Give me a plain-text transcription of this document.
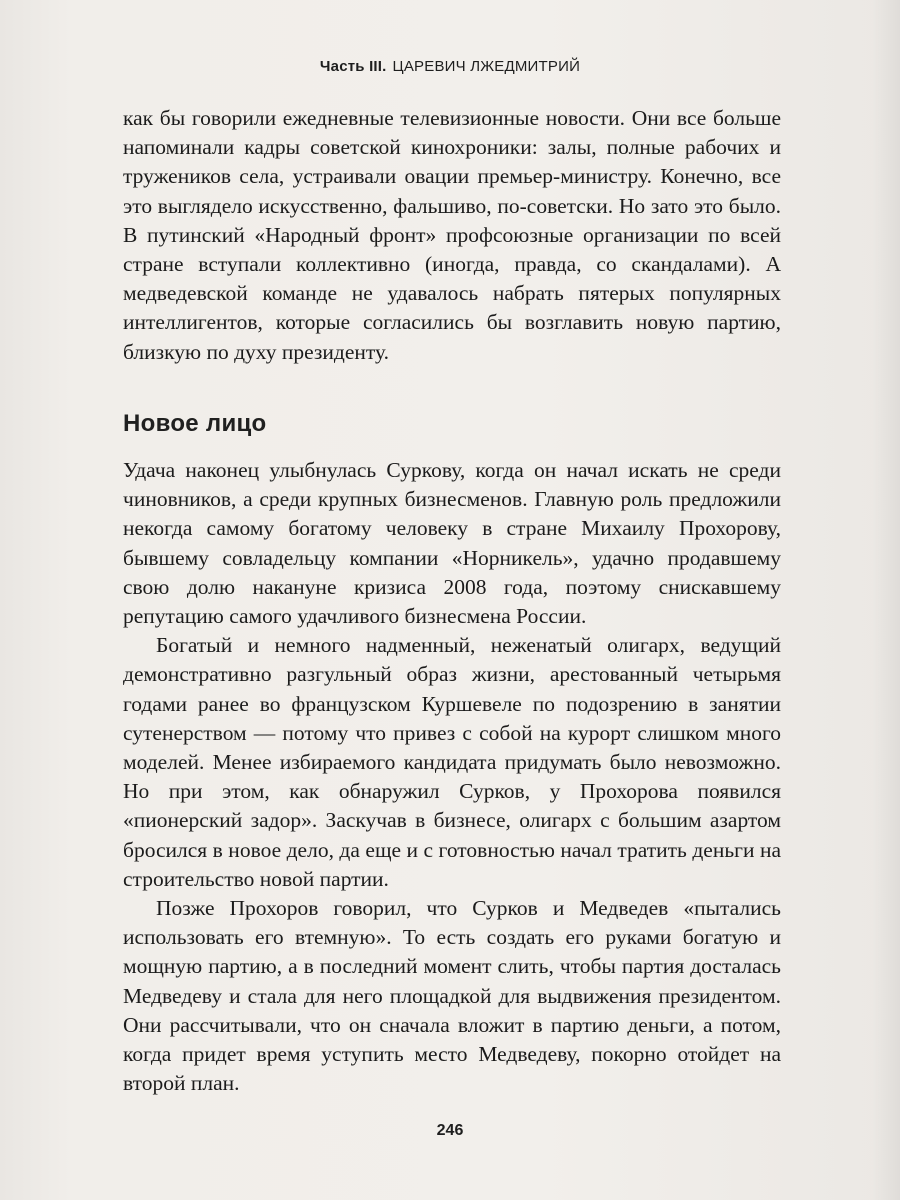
Часть III. ЦАРЕВИЧ ЛЖЕДМИТРИЙ

как бы говорили ежедневные телевизионные новости. Они все больше напоминали кадры советской кинохроники: залы, полные рабочих и тружеников села, устраивали овации премьер-министру. Конечно, все это выглядело искусственно, фальшиво, по-советски. Но зато это было. В путинский «Народный фронт» профсоюзные организации по всей стране вступали коллективно (иногда, правда, со скандалами). А медведевской команде не удавалось набрать пятерых популярных интеллигентов, которые согласились бы возглавить новую партию, близкую по духу президенту.

Новое лицо

Удача наконец улыбнулась Суркову, когда он начал искать не среди чиновников, а среди крупных бизнесменов. Главную роль предложили некогда самому богатому человеку в стране Михаилу Прохорову, бывшему совладельцу компании «Норникель», удачно продавшему свою долю накануне кризиса 2008 года, поэтому снискавшему репутацию самого удачливого бизнесмена России.

Богатый и немного надменный, неженатый олигарх, ведущий демонстративно разгульный образ жизни, арестованный четырьмя годами ранее во французском Куршевеле по подозрению в занятии сутенерством — потому что привез с собой на курорт слишком много моделей. Менее избираемого кандидата придумать было невозможно. Но при этом, как обнаружил Сурков, у Прохорова появился «пионерский задор». Заскучав в бизнесе, олигарх с большим азартом бросился в новое дело, да еще и с готовностью начал тратить деньги на строительство новой партии.

Позже Прохоров говорил, что Сурков и Медведев «пытались использовать его втемную». То есть создать его руками богатую и мощную партию, а в последний момент слить, чтобы партия досталась Медведеву и стала для него площадкой для выдвижения президентом. Они рассчитывали, что он сначала вложит в партию деньги, а потом, когда придет время уступить место Медведеву, покорно отойдет на второй план.

246
